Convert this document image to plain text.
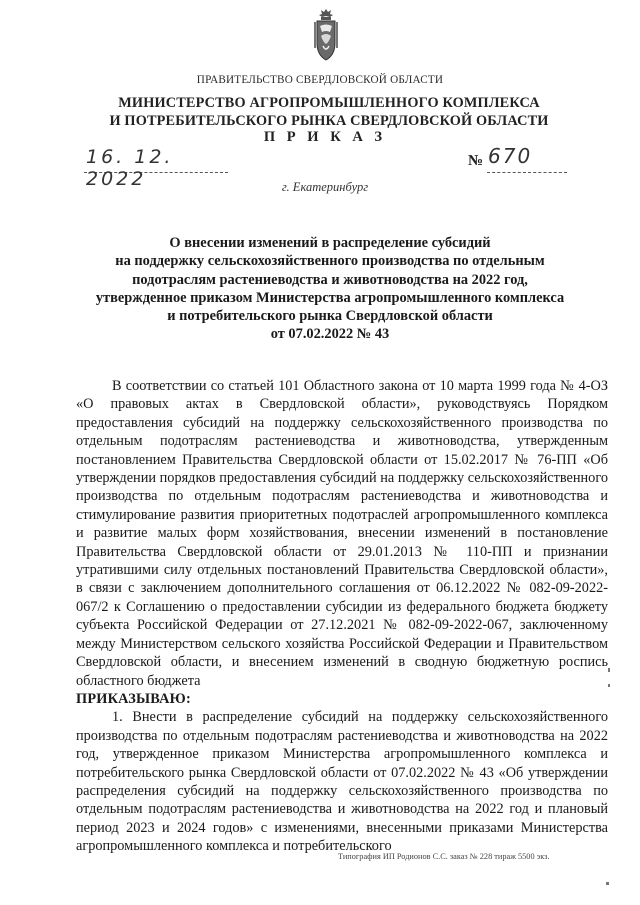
ПРАВИТЕЛЬСТВО СВЕРДЛОВСКОЙ ОБЛАСТИ
МИНИСТЕРСТВО АГРОПРОМЫШЛЕННОГО КОМПЛЕКСА
И ПОТРЕБИТЕЛЬСКОГО РЫНКА СВЕРДЛОВСКОЙ ОБЛАСТИ
П Р И К А З
16. 12. 2022
№ 670
г. Екатеринбург
О внесении изменений в распределение субсидий
на поддержку сельскохозяйственного производства по отдельным
подотраслям растениеводства и животноводства на 2022 год,
утвержденное приказом Министерства агропромышленного комплекса
и потребительского рынка Свердловской области
от 07.02.2022 № 43

В соответствии со статьей 101 Областного закона от 10 марта 1999 года № 4-ОЗ «О правовых актах в Свердловской области», руководствуясь Порядком предоставления субсидий на поддержку сельскохозяйственного производства по отдельным подотраслям растениеводства и животноводства, утвержденным постановлением Правительства Свердловской области от 15.02.2017 № 76-ПП «Об утверждении порядков предоставления субсидий на поддержку сельскохозяйственного производства по отдельным подотраслям растениеводства и животноводства и стимулирование развития приоритетных подотраслей агропромышленного комплекса и развитие малых форм хозяйствования, внесении изменений в постановление Правительства Свердловской области от 29.01.2013 № 110-ПП и признании утратившими силу отдельных постановлений Правительства Свердловской области», в связи с заключением дополнительного соглашения от 06.12.2022 № 082-09-2022-067/2 к Соглашению о предоставлении субсидии из федерального бюджета бюджету субъекта Российской Федерации от 27.12.2021 № 082-09-2022-067, заключенному между Министерством сельского хозяйства Российской Федерации и Правительством Свердловской области, и внесением изменений в сводную бюджетную роспись областного бюджета

ПРИКАЗЫВАЮ:

1. Внести в распределение субсидий на поддержку сельскохозяйственного производства по отдельным подотраслям растениеводства и животноводства на 2022 год, утвержденное приказом Министерства агропромышленного комплекса и потребительского рынка Свердловской области от 07.02.2022 № 43 «Об утверждении распределения субсидий на поддержку сельскохозяйственного производства по отдельным подотраслям растениеводства и животноводства на 2022 год и плановый период 2023 и 2024 годов» с изменениями, внесенными приказами Министерства агропромышленного комплекса и потребительского

Типография ИП Родионов С.С. заказ № 228 тираж 5500 экз.
